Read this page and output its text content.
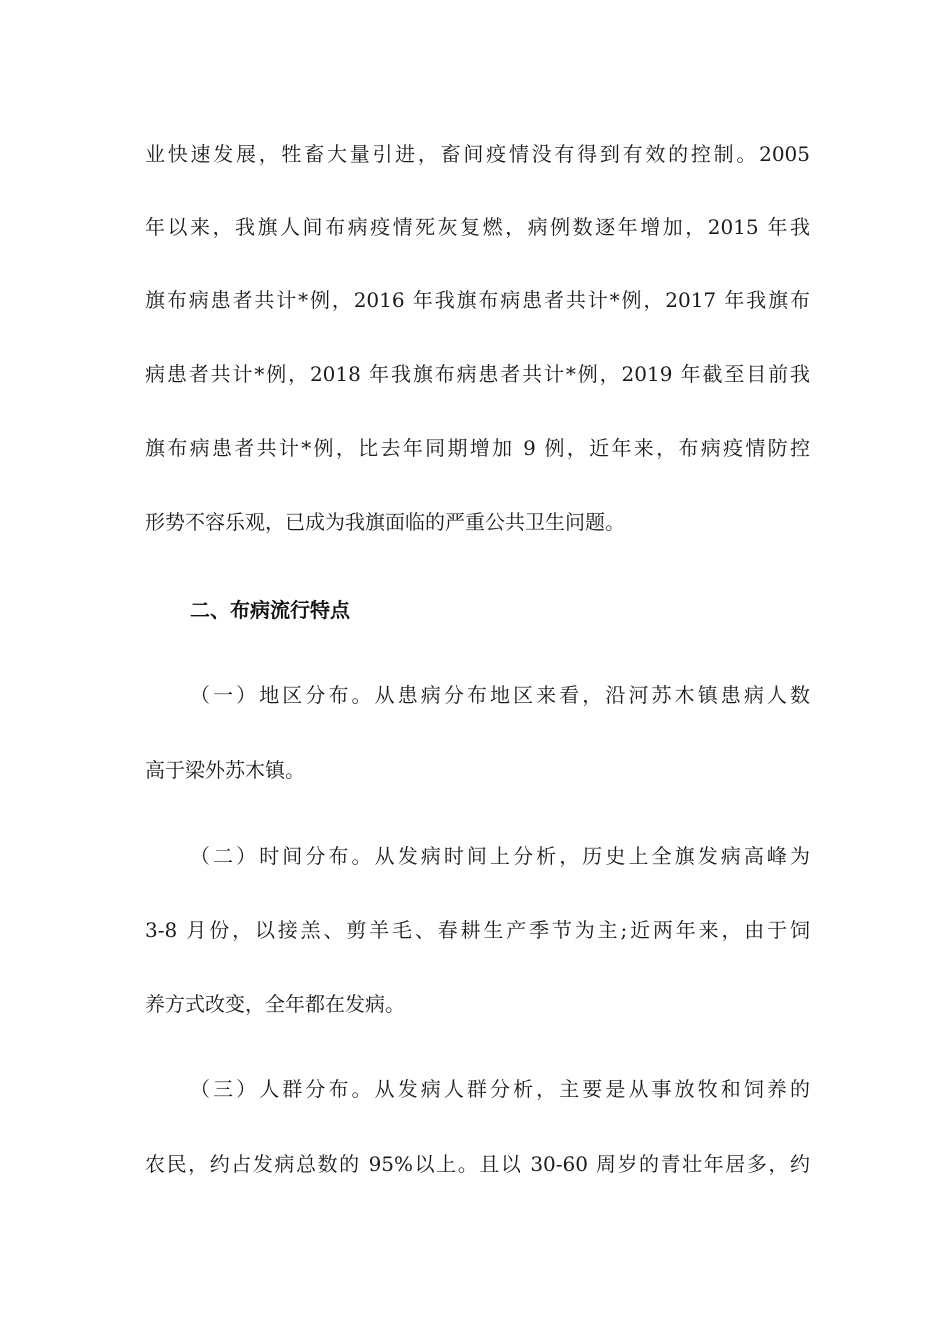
业快速发展，牲畜大量引进，畜间疫情没有得到有效的控制。2005

年以来，我旗人间布病疫情死灰复燃，病例数逐年增加，2015 年我

旗布病患者共计*例，2016 年我旗布病患者共计*例，2017 年我旗布

病患者共计*例，2018 年我旗布病患者共计*例，2019 年截至目前我

旗布病患者共计*例，比去年同期增加 9 例，近年来，布病疫情防控

形势不容乐观，已成为我旗面临的严重公共卫生问题。

二、布病流行特点

（一）地区分布。从患病分布地区来看，沿河苏木镇患病人数

高于梁外苏木镇。

（二）时间分布。从发病时间上分析，历史上全旗发病高峰为

3-8 月份，以接羔、剪羊毛、春耕生产季节为主;近两年来，由于饲

养方式改变，全年都在发病。

（三）人群分布。从发病人群分析，主要是从事放牧和饲养的

农民，约占发病总数的 95%以上。且以 30-60 周岁的青壮年居多，约
